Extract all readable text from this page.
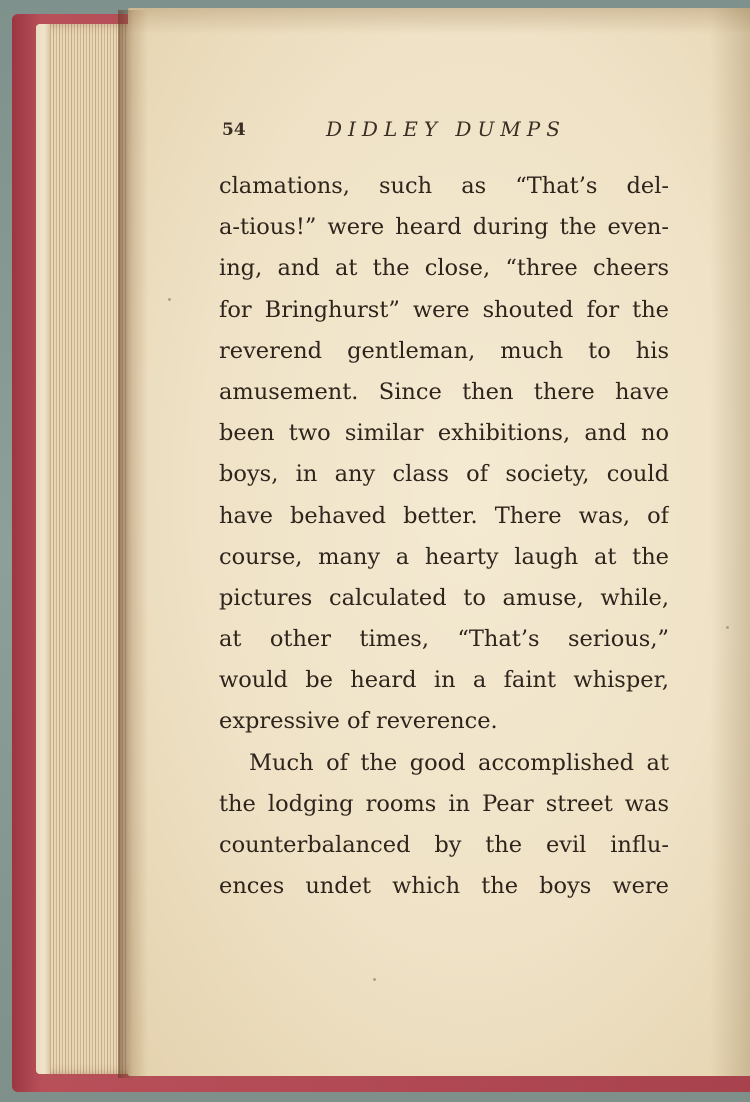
54	DIDLEY DUMPS
clamations, such as “That’s del-
a-tious!” were heard during the even-
ing, and at the close, “three cheers
for Bringhurst” were shouted for the
reverend gentleman, much to his
amusement. Since then there have
been two similar exhibitions, and no
boys, in any class of society, could
have behaved better. There was, of
course, many a hearty laugh at the
pictures calculated to amuse, while,
at other times, “That’s serious,”
would be heard in a faint whisper,
expressive of reverence.
Much of the good accomplished at
the lodging rooms in Pear street was
counterbalanced by the evil influ-
ences undet which the boys were
